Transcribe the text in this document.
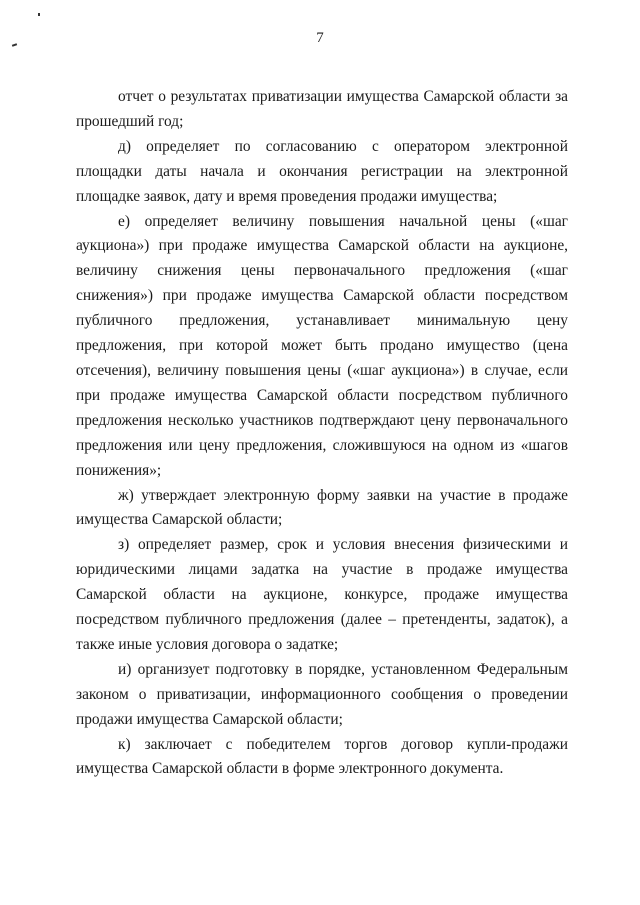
7

отчет о результатах приватизации имущества Самарской области за прошедший год;

д) определяет по согласованию с оператором электронной площадки даты начала и окончания регистрации на электронной площадке заявок, дату и время проведения продажи имущества;

е) определяет величину повышения начальной цены («шаг аукциона») при продаже имущества Самарской области на аукционе, величину снижения цены первоначального предложения («шаг снижения») при продаже имущества Самарской области посредством публичного предложения, устанавливает минимальную цену предложения, при которой может быть продано имущество (цена отсечения), величину повышения цены («шаг аукциона») в случае, если при продаже имущества Самарской области посредством публичного предложения несколько участников подтверждают цену первоначального предложения или цену предложения, сложившуюся на одном из «шагов понижения»;

ж) утверждает электронную форму заявки на участие в продаже имущества Самарской области;

з) определяет размер, срок и условия внесения физическими и юридическими лицами задатка на участие в продаже имущества Самарской области на аукционе, конкурсе, продаже имущества посредством публичного предложения (далее – претенденты, задаток), а также иные условия договора о задатке;

и) организует подготовку в порядке, установленном Федеральным законом о приватизации, информационного сообщения о проведении продажи имущества Самарской области;

к) заключает с победителем торгов договор купли-продажи имущества Самарской области в форме электронного документа.
